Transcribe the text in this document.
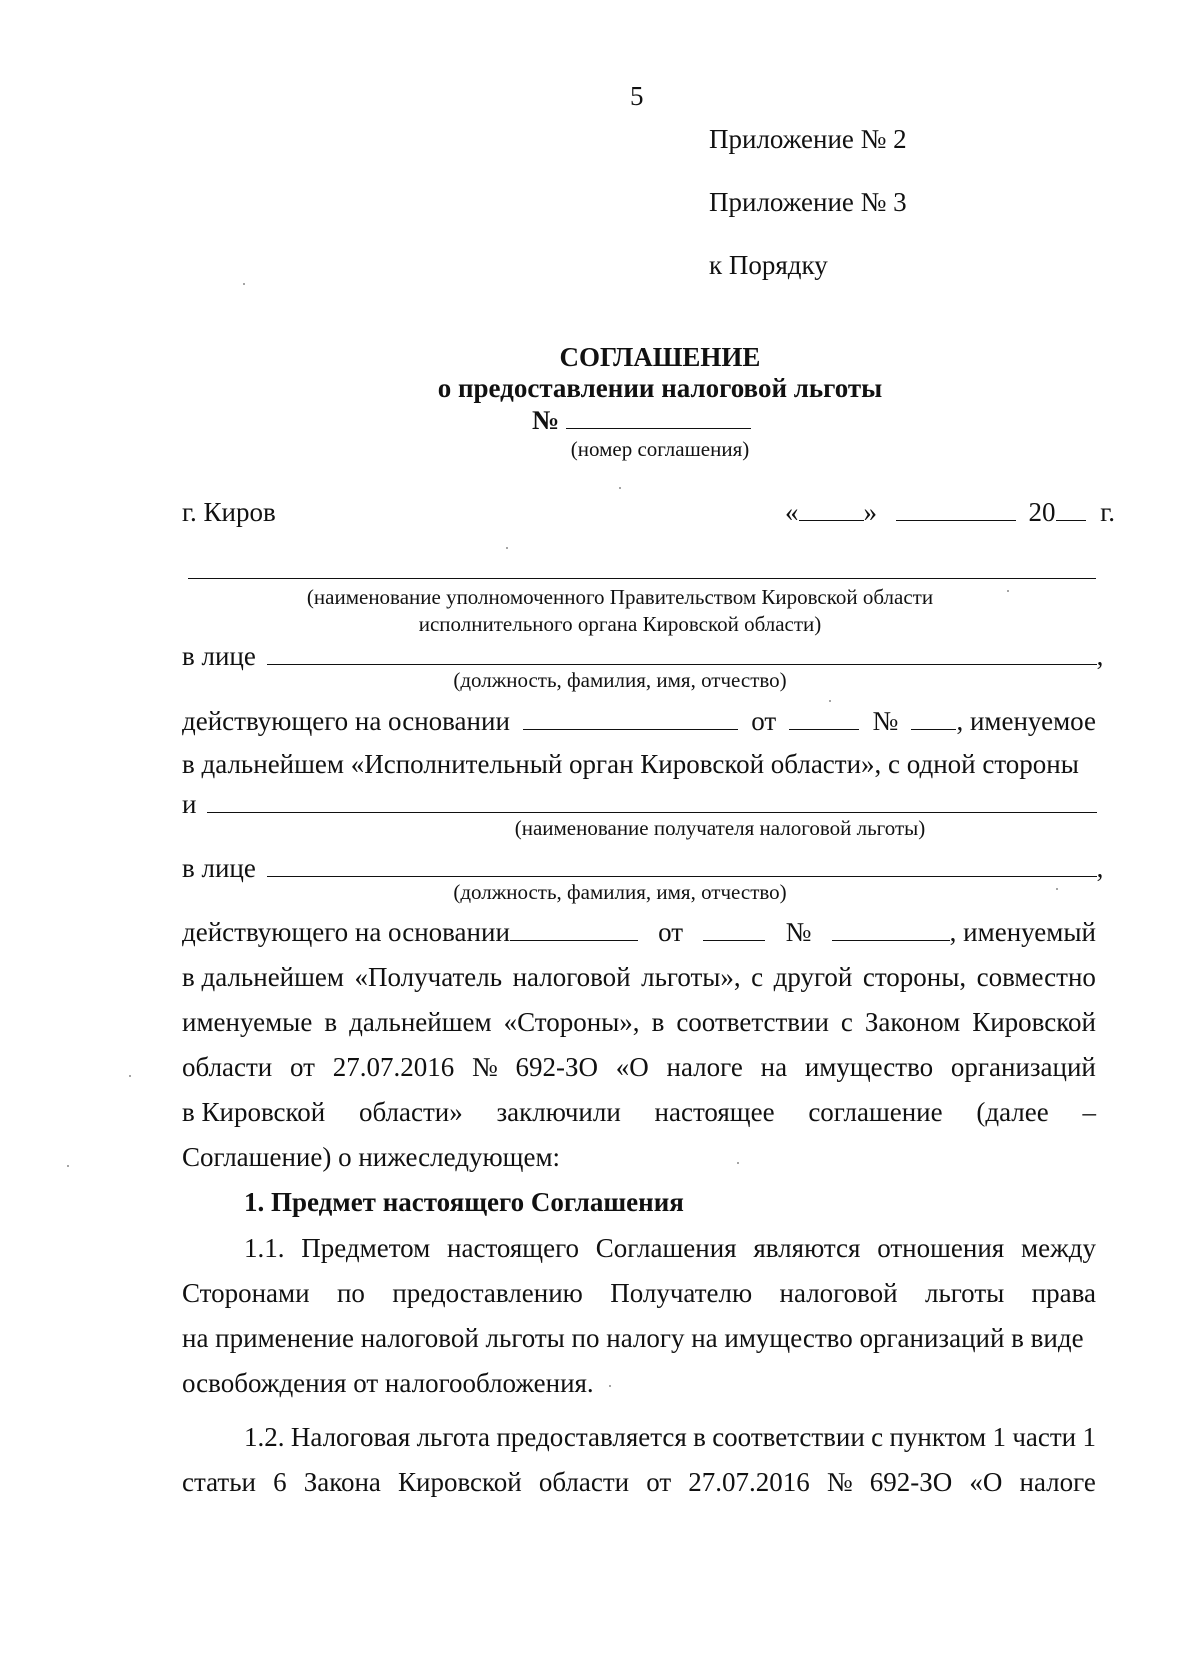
5
Приложение № 2
Приложение № 3
к Порядку
СОГЛАШЕНИЕ
о предоставлении налоговой льготы
№
(номер соглашения)
г. Киров	« »	20 г.
(наименование уполномоченного Правительством Кировской области
исполнительного органа Кировской области)
в лице	,
(должность, фамилия, имя, отчество)
действующего на основании	от	№	, именуемое
в дальнейшем «Исполнительный орган Кировской области», с одной стороны
и
(наименование получателя налоговой льготы)
в лице	,
(должность, фамилия, имя, отчество)
действующего на основании	от	№	, именуемый
в дальнейшем «Получатель налоговой льготы», с другой стороны, совместно
именуемые в дальнейшем «Стороны», в соответствии с Законом Кировской
области от 27.07.2016 № 692-ЗО «О налоге на имущество организаций
в Кировской области» заключили настоящее соглашение (далее –
Соглашение) о нижеследующем:
1. Предмет настоящего Соглашения
1.1. Предметом настоящего Соглашения являются отношения между
Сторонами по предоставлению Получателю налоговой льготы права
на применение налоговой льготы по налогу на имущество организаций в виде
освобождения от налогообложения.
1.2. Налоговая льгота предоставляется в соответствии с пунктом 1 части 1
статьи 6 Закона Кировской области от 27.07.2016 № 692-ЗО «О налоге
